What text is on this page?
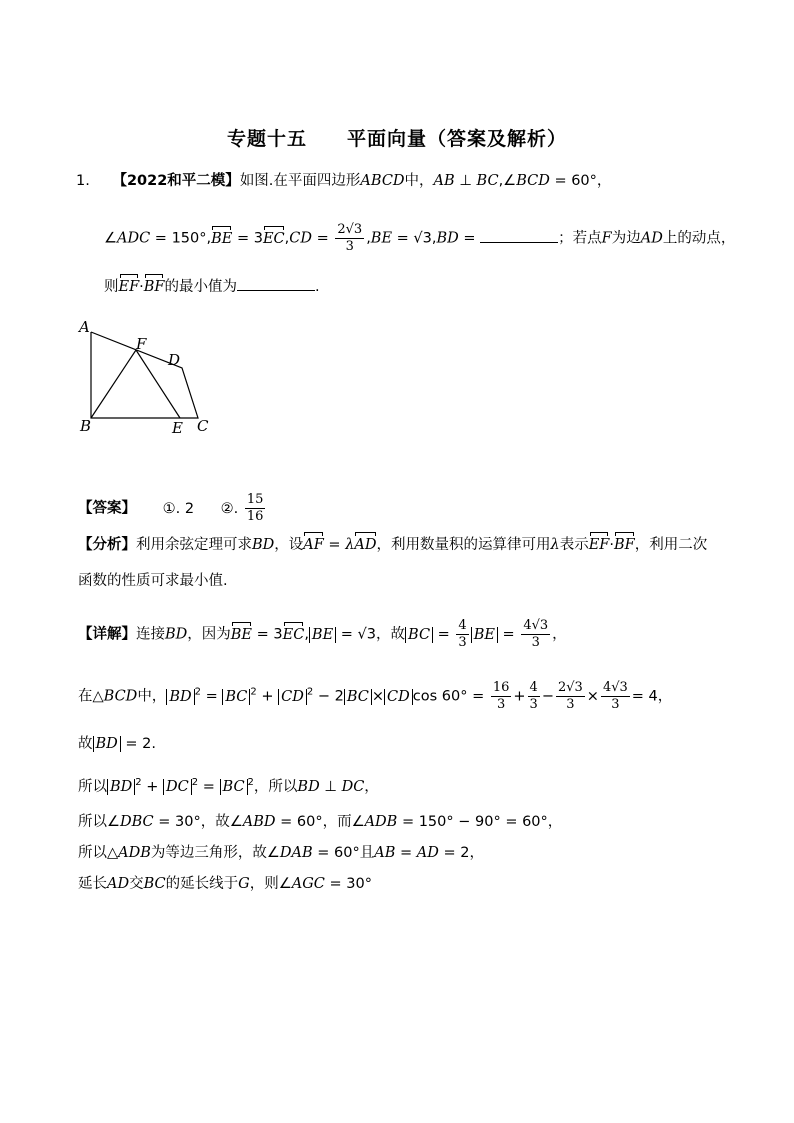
专题十五 平面向量（答案及解析）
1. 【2022和平二模】如图.在平面四边形ABCD中，AB ⊥ BC,∠BCD = 60°，
∠ADC = $150^\circ,BE = 3EC,CD = \frac{2√3}{3} ,BE = √3,BD$ =	；若点F为边AD上的动点，
则EF·BF的最小值为	.
A
F
D
B	E C
【答案】 ①. 2 ②. $\frac{15}{16}$
【分析】利用余弦定理可求BD，设AF = λAD，利用数量积的运算律可用λ表示EF·BF，利用二次
函数的性质可求最小值.
【详解】连接BD，因为BE = 3EC, BE = √3，故 BC = $\frac{4}{3}$ BE = $\frac{4√3}{3}$ ，
在△BCD中， BD $^2$ = BC $^2$ + CD $^2$ − 2 BC × CD $\cos 60^\circ = \frac{16}{3} + \frac{4}{3} - \frac{2√3}{3} \times \frac{4√3}{3} = 4$，
故 BD = 2.
所以 BD $^2$ + DC $^2$ = BC $^2$，所以BD ⊥ DC，
所以∠DBC = 30°，故∠ABD = 60°，而∠ADB = 150° − 90° = 60°，
所以△ADB为等边三角形，故∠DAB = 60°且AB = AD = 2，
延长AD交BC的延长线于G，则∠AGC = 30°
